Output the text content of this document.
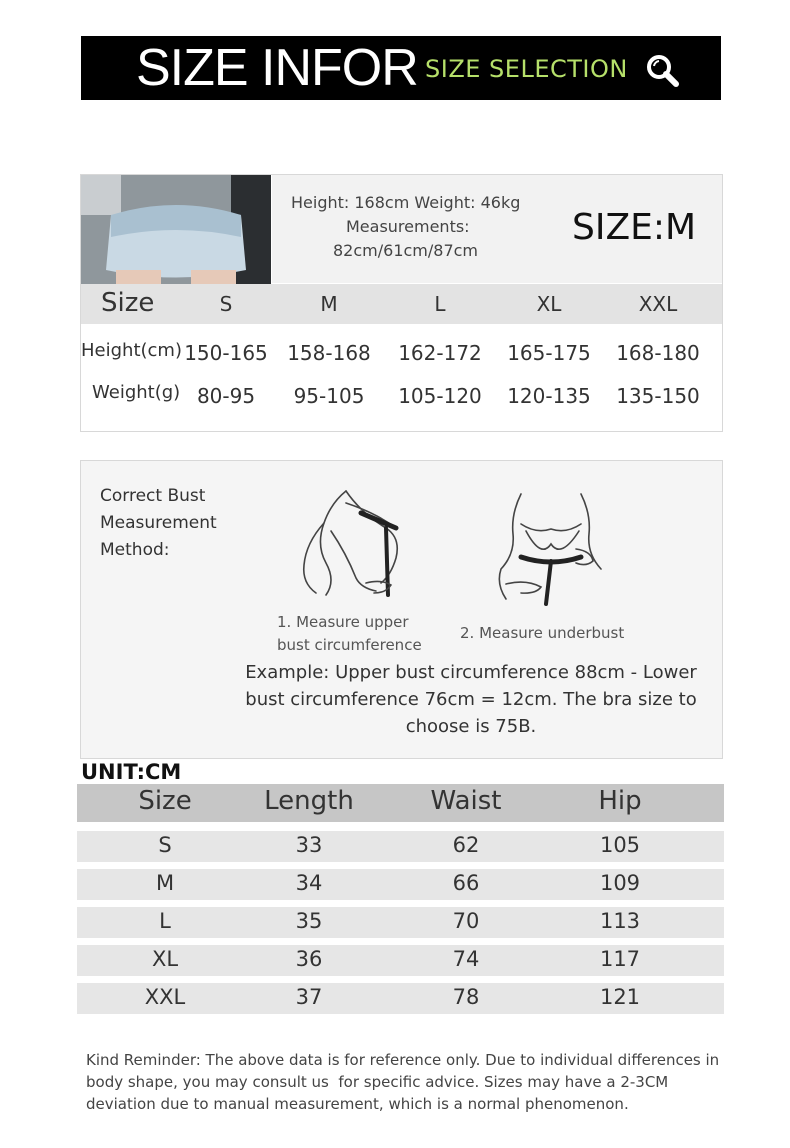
SIZE INFOR SIZE SELECTION
Height: 168cm Weight: 46kg
Measurements:
82cm/61cm/87cm
SIZE:M
Size	S	M	L	XL	XXL
Height(cm) 150-165 158-168 162-172 165-175 168-180
Weight(g) 80-95 95-105 105-120 120-135 135-150
Correct Bust
Measurement
Method:
1. Measure upper
bust circumference
2. Measure underbust
Example: Upper bust circumference 88cm - Lower
bust circumference 76cm = 12cm. The bra size to
choose is 75B.
UNIT:CM
Size	Length	Waist	Hip
S	33	62	105
M	34	66	109
L	35	70	113
XL	36	74	117
XXL	37	78	121
Kind Reminder: The above data is for reference only. Due to individual differences in
body shape, you may consult us  for specific advice. Sizes may have a 2-3CM
deviation due to manual measurement, which is a normal phenomenon.
